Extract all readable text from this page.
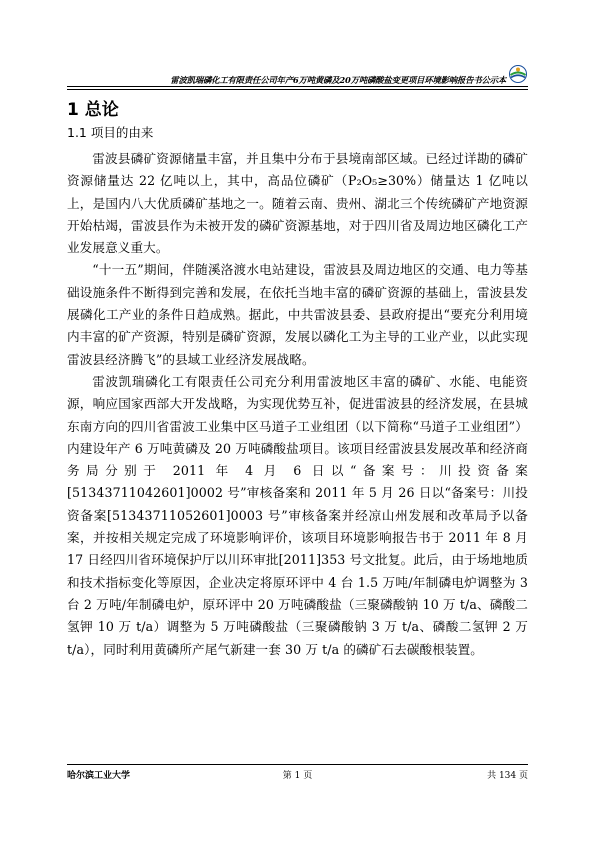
雷波凯瑞磷化工有限责任公司年产6万吨黄磷及20万吨磷酸盐变更项目环境影响报告书公示本
1 总论
1.1 项目的由来

雷波县磷矿资源储量丰富，并且集中分布于县境南部区域。已经过详勘的磷矿资源储量达 22 亿吨以上，其中，高品位磷矿（P₂O₅≥30%）储量达 1 亿吨以上，是国内八大优质磷矿基地之一。随着云南、贵州、湖北三个传统磷矿产地资源开始枯竭，雷波县作为未被开发的磷矿资源基地，对于四川省及周边地区磷化工产业发展意义重大。

“十一五”期间，伴随溪洛渡水电站建设，雷波县及周边地区的交通、电力等基础设施条件不断得到完善和发展，在依托当地丰富的磷矿资源的基础上，雷波县发展磷化工产业的条件日趋成熟。据此，中共雷波县委、县政府提出“要充分利用境内丰富的矿产资源，特别是磷矿资源，发展以磷化工为主导的工业产业，以此实现雷波县经济腾飞”的县域工业经济发展战略。

雷波凯瑞磷化工有限责任公司充分利用雷波地区丰富的磷矿、水能、电能资源，响应国家西部大开发战略，为实现优势互补，促进雷波县的经济发展，在县城东南方向的四川省雷波工业集中区马道子工业组团（以下简称“马道子工业组团”）内建设年产 6 万吨黄磷及 20 万吨磷酸盐项目。该项目经雷波县发展改革和经济商务局分别于 2011 年 4 月 6 日以“备案号：川投资备案[51343711042601]0002 号”审核备案和 2011 年 5 月 26 日以“备案号：川投资备案[51343711052601]0003 号”审核备案并经凉山州发展和改革局予以备案，并按相关规定完成了环境影响评价，该项目环境影响报告书于 2011 年 8 月 17 日经四川省环境保护厅以川环审批[2011]353 号文批复。此后，由于场地地质和技术指标变化等原因，企业决定将原环评中 4 台 1.5 万吨/年制磷电炉调整为 3 台 2 万吨/年制磷电炉，原环评中 20 万吨磷酸盐（三聚磷酸钠 10 万 t/a、磷酸二氢钾 10 万 t/a）调整为 5 万吨磷酸盐（三聚磷酸钠 3 万 t/a、磷酸二氢钾 2 万 t/a），同时利用黄磷所产尾气新建一套 30 万 t/a 的磷矿石去碳酸根装置。

哈尔滨工业大学	第 1 页	共 134 页
